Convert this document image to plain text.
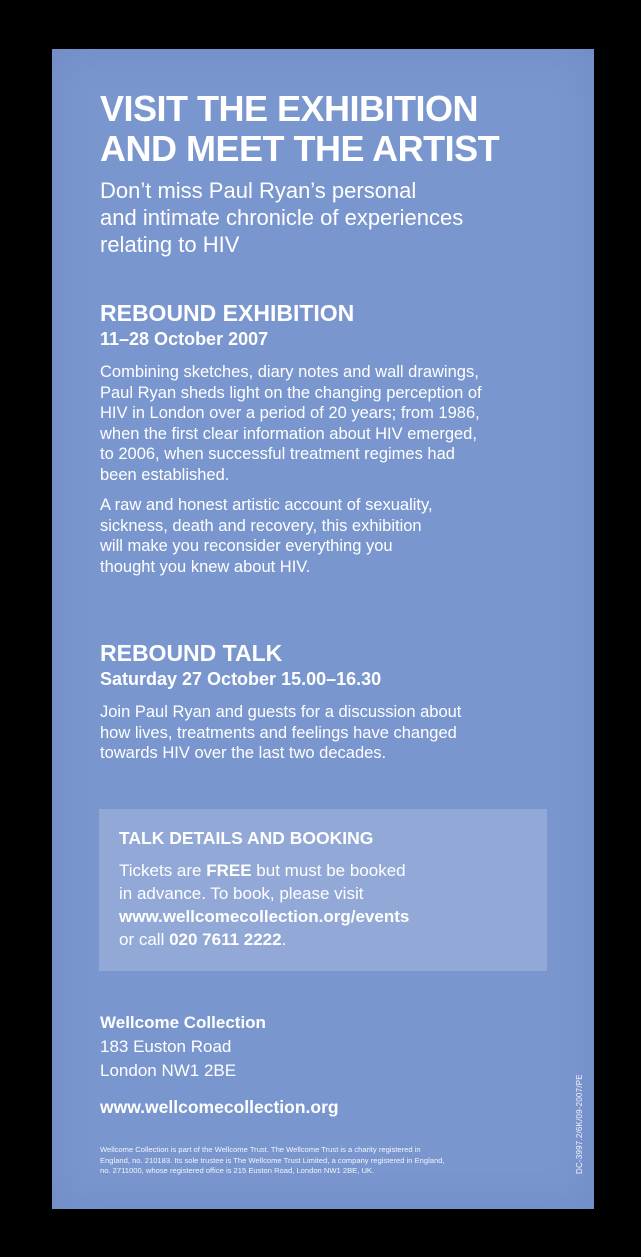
VISIT THE EXHIBITION
AND MEET THE ARTIST

Don’t miss Paul Ryan’s personal
and intimate chronicle of experiences
relating to HIV

REBOUND EXHIBITION

11–28 October 2007

Combining sketches, diary notes and wall drawings,
Paul Ryan sheds light on the changing perception of
HIV in London over a period of 20 years; from 1986,
when the first clear information about HIV emerged,
to 2006, when successful treatment regimes had
been established.

A raw and honest artistic account of sexuality,
sickness, death and recovery, this exhibition
will make you reconsider everything you
thought you knew about HIV.

REBOUND TALK

Saturday 27 October 15.00–16.30

Join Paul Ryan and guests for a discussion about
how lives, treatments and feelings have changed
towards HIV over the last two decades.

TALK DETAILS AND BOOKING

Tickets are FREE but must be booked
in advance. To book, please visit
www.wellcomecollection.org/events
or call 020 7611 2222.

Wellcome Collection

183 Euston Road

London NW1 2BE

www.wellcomecollection.org

Wellcome Collection is part of the Wellcome Trust. The Wellcome Trust is a charity registered in
England, no. 210183. Its sole trustee is The Wellcome Trust Limited, a company registered in England,
no. 2711000, whose registered office is 215 Euston Road, London NW1 2BE, UK.	DC-3997.2/6K/09-2007/PE
